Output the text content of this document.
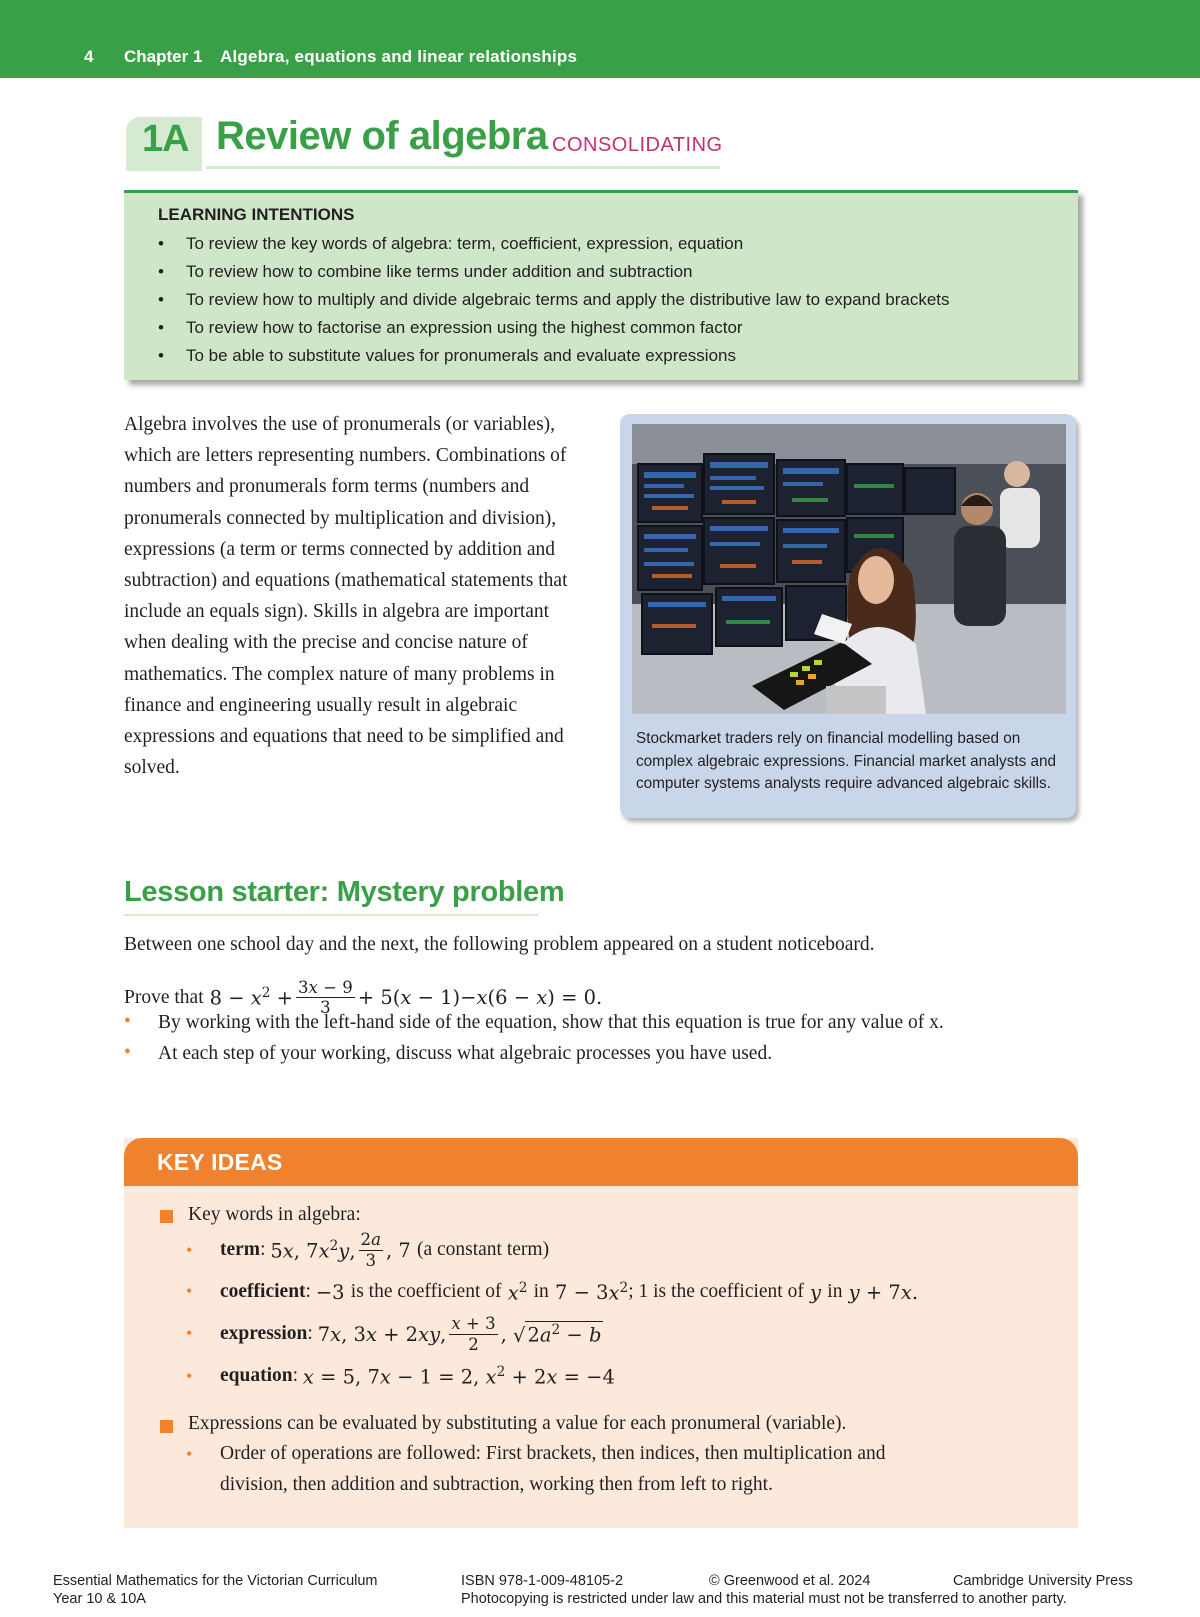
4 Chapter 1 Algebra, equations and linear relationships
1A Review of algebra CONSOLIDATING
LEARNING INTENTIONS
• To review the key words of algebra: term, coefficient, expression, equation
• To review how to combine like terms under addition and subtraction
• To review how to multiply and divide algebraic terms and apply the distributive law to expand brackets
• To review how to factorise an expression using the highest common factor
• To be able to substitute values for pronumerals and evaluate expressions
Algebra involves the use of pronumerals (or variables), which are letters representing numbers. Combinations of numbers and pronumerals form terms (numbers and pronumerals connected by multiplication and division), expressions (a term or terms connected by addition and subtraction) and equations (mathematical statements that include an equals sign). Skills in algebra are important when dealing with the precise and concise nature of mathematics. The complex nature of many problems in finance and engineering usually result in algebraic expressions and equations that need to be simplified and solved.
Stockmarket traders rely on financial modelling based on complex algebraic expressions. Financial market analysts and computer systems analysts require advanced algebraic skills.
Lesson starter: Mystery problem
Between one school day and the next, the following problem appeared on a student noticeboard.
Prove that $8 - x^2 + \frac{3x - 9}{3} + 5(x - 1)-x(6 - x) = 0$.
• By working with the left-hand side of the equation, show that this equation is true for any value of x.
• At each step of your working, discuss what algebraic processes you have used.
KEY IDEAS
Key words in algebra:
• term : 5x, $7x^2y$, $\frac{2a}{3}$ , 7 (a constant term)
• coefficient : −3 is the coefficient of $x^2$ in 7 − 3 $x^2$ ; 1 is the coefficient of y in y + 7x.
• expression : 7x, 3x + 2xy, $\frac{x + 3}{2}$ , √ $2a^2 - b$
• equation : x = 5, 7x − 1 = 2, $x^2 + 2x = -4$
Expressions can be evaluated by substituting a value for each pronumeral (variable).
• Order of operations are followed: First brackets, then indices, then multiplication and
division, then addition and subtraction, working then from left to right.
Essential Mathematics for the Victorian Curriculum
Year 10 & 10A
ISBN 978-1-009-48105-2	© Greenwood et al. 2024	Cambridge University Press
Photocopying is restricted under law and this material must not be transferred to another party.
